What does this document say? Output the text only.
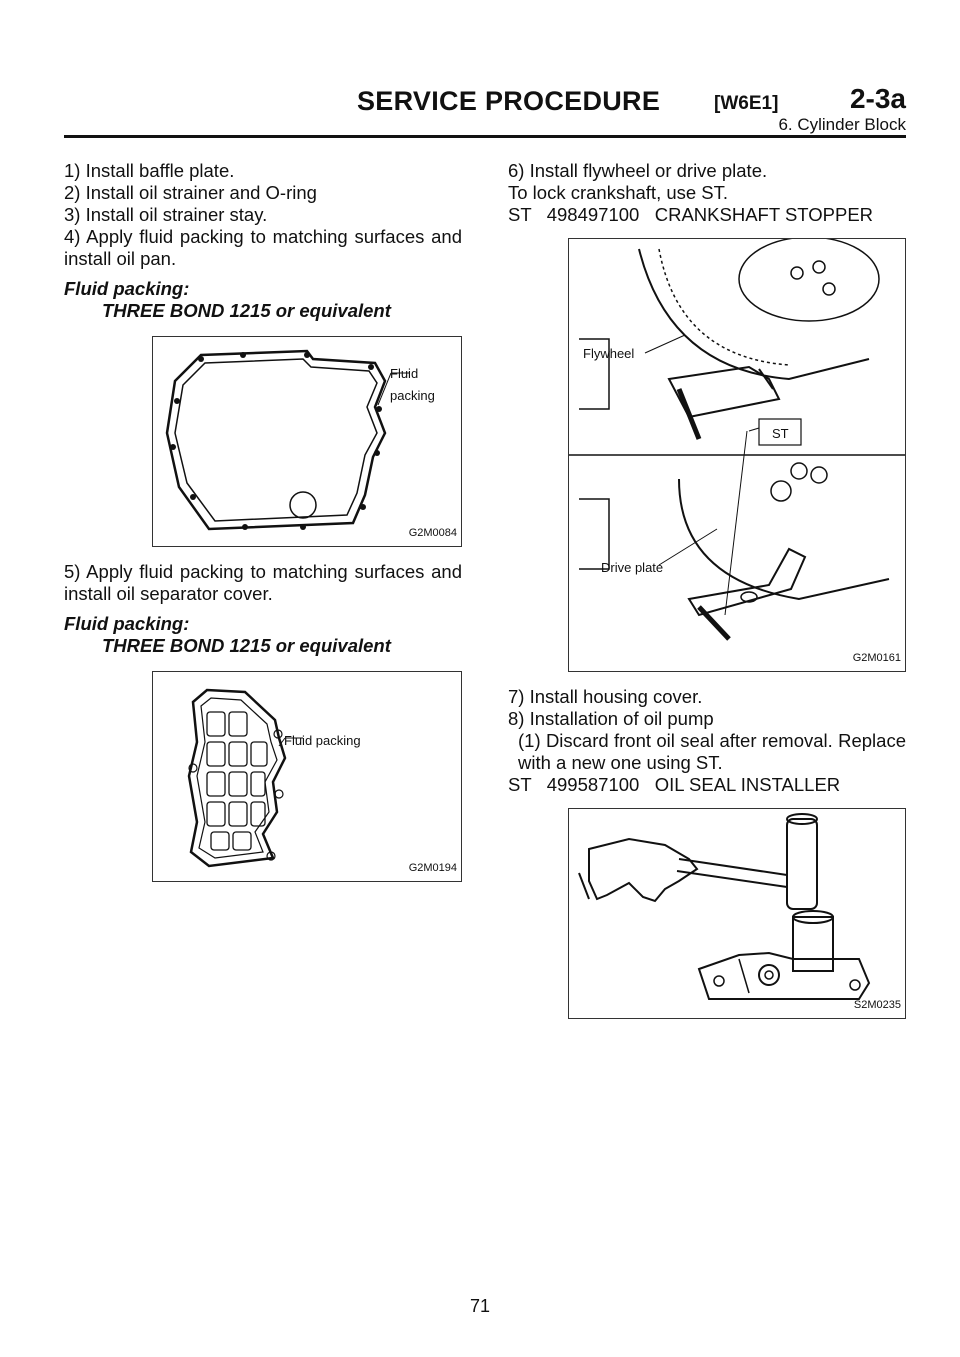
SERVICE PROCEDURE	[W6E1]	2-3a
6. Cylinder Block

1) Install baffle plate.

2) Install oil strainer and O-ring

3) Install oil strainer stay.

4) Apply fluid packing to matching surfaces and install oil pan.

Fluid packing:

THREE BOND 1215 or equivalent

Fluid packing
G2M0084

5) Apply fluid packing to matching surfaces and install oil separator cover.

Fluid packing:

THREE BOND 1215 or equivalent

Fluid packing
G2M0194

6) Install flywheel or drive plate.

To lock crankshaft, use ST.

ST   498497100   CRANKSHAFT STOPPER

Flywheel
ST
Drive plate
G2M0161

7) Install housing cover.

8) Installation of oil pump

(1) Discard front oil seal after removal. Replace with a new one using ST.

ST   499587100   OIL SEAL INSTALLER

S2M0235
71
